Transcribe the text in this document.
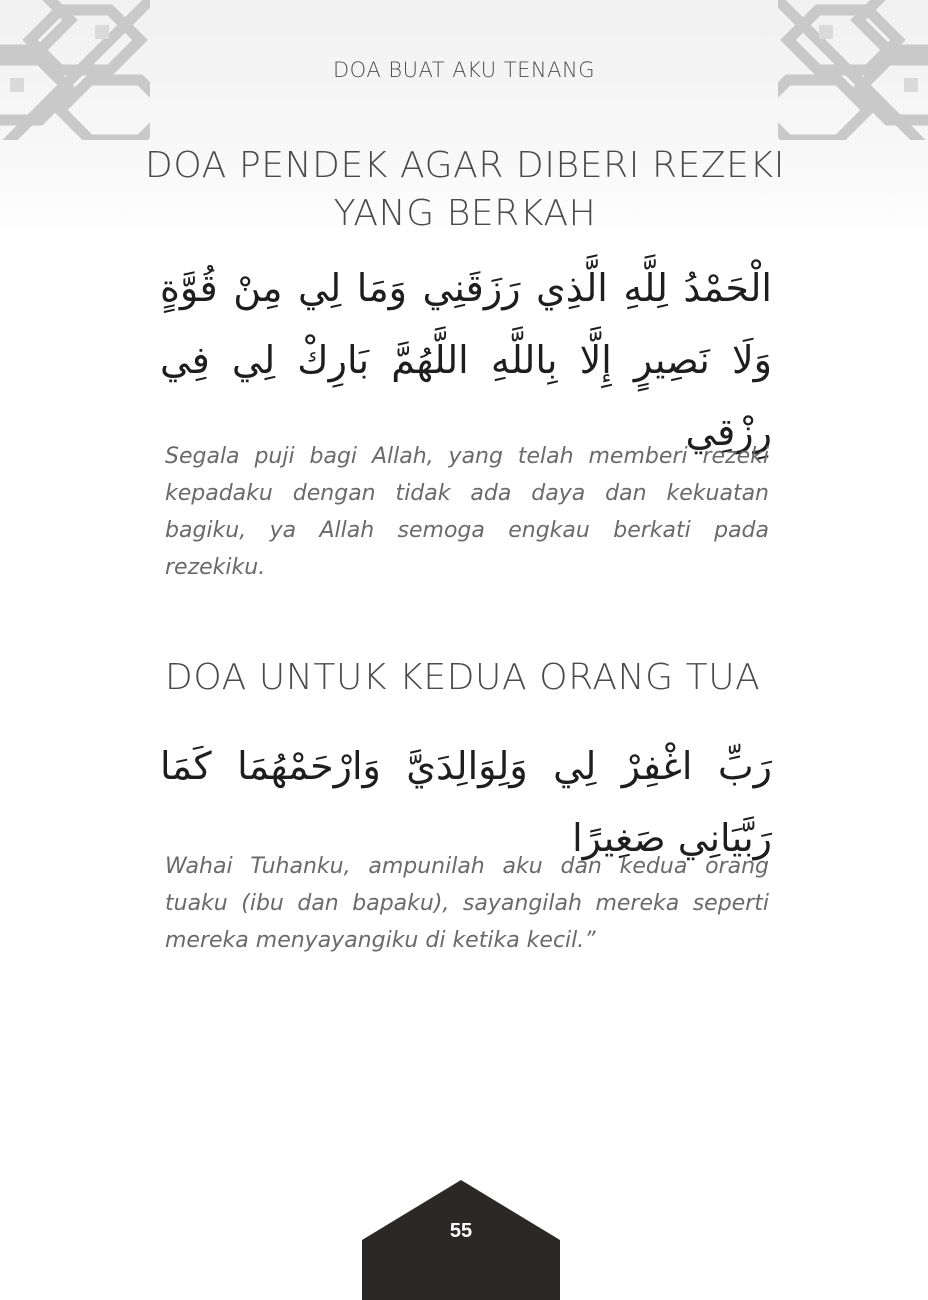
DOA BUAT AKU TENANG
DOA PENDEK AGAR DIBERI REZEKI YANG BERKAH
الْحَمْدُ لِلَّهِ الَّذِي رَزَقَنِي وَمَا لِي مِنْ قُوَّةٍ وَلَا نَصِيرٍ إِلَّا بِاللَّهِ اللَّهُمَّ بَارِكْ لِي فِي رِزْقِي

Segala puji bagi Allah, yang telah memberi rezeki kepadaku dengan tidak ada daya dan kekuatan bagiku, ya Allah semoga engkau berkati pada rezekiku.

DOA UNTUK KEDUA ORANG TUA
رَبِّ اغْفِرْ لِي وَلِوَالِدَيَّ وَارْحَمْهُمَا كَمَا رَبَّيَانِي صَغِيرًا

Wahai Tuhanku, ampunilah aku dan kedua orang tuaku (ibu dan bapaku), sayangilah mereka seperti mereka menyayangiku di ketika kecil.”

55
